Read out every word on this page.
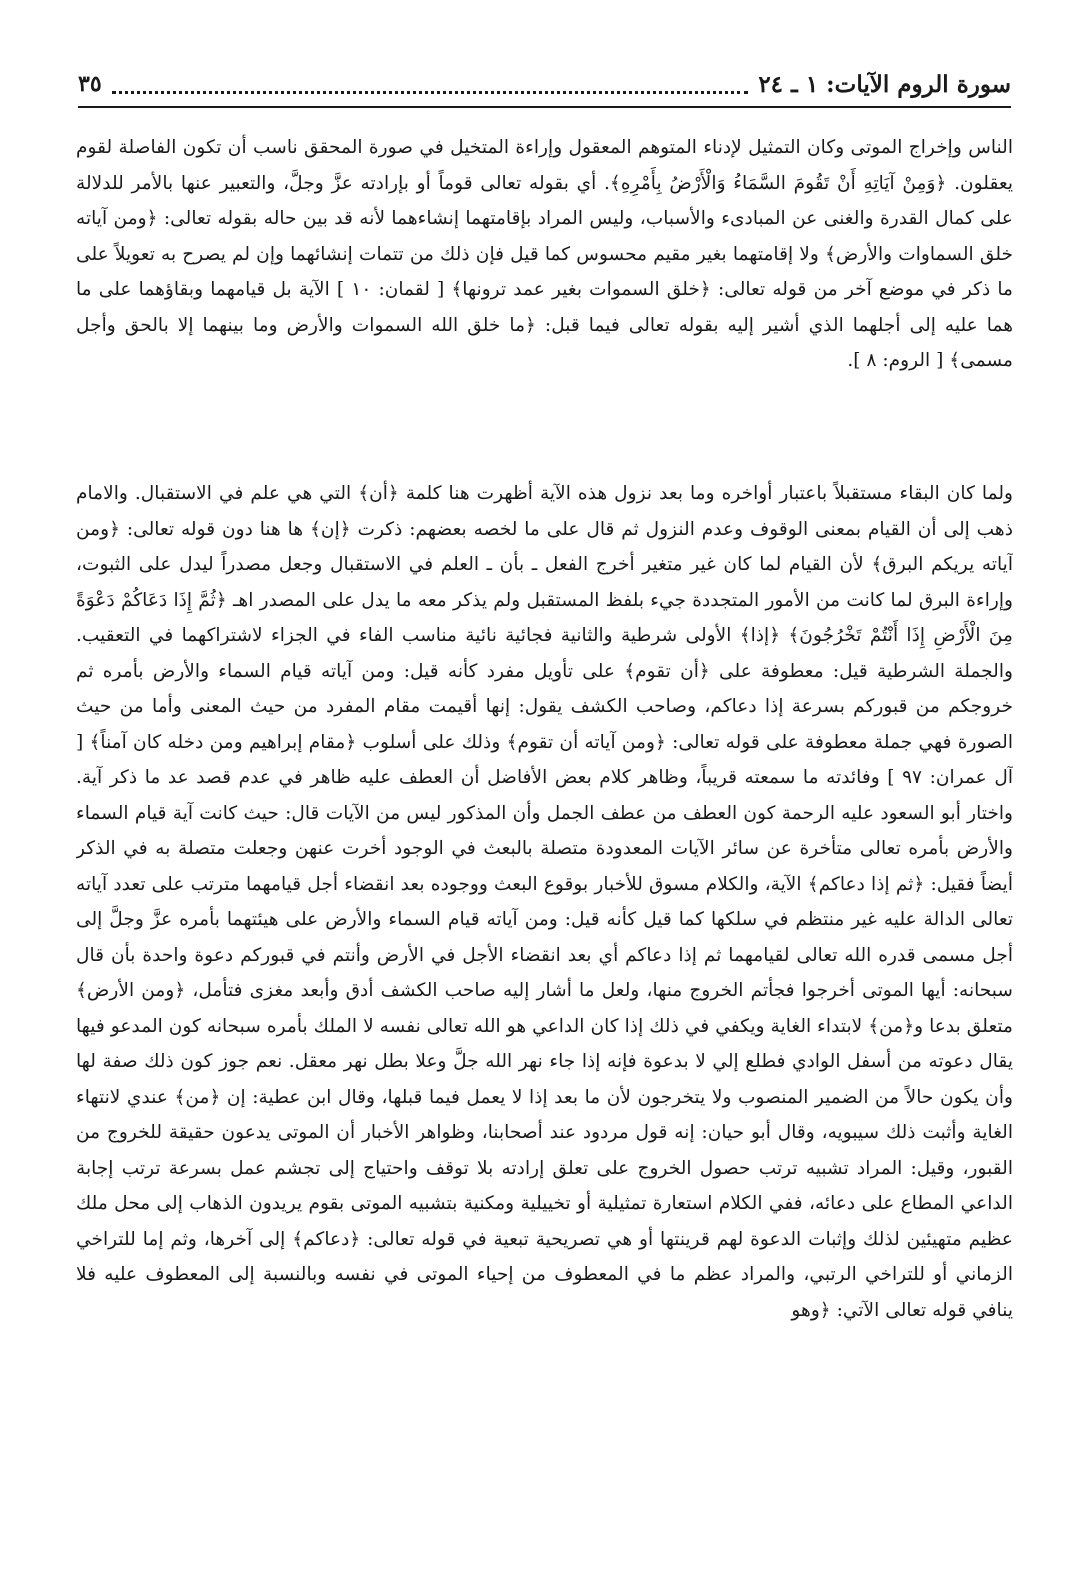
سورة الروم الآيات: ١ ـ ٢٤
٣٥

الناس وإخراج الموتى وكان التمثيل لإدناء المتوهم المعقول وإراءة المتخيل في صورة المحقق ناسب أن تكون الفاصلة لقوم يعقلون. ﴿وَمِنْ آيَاتِهِ أَنْ تَقُومَ السَّمَاءُ وَالْأَرْضُ بِأَمْرِهِ﴾. أي بقوله تعالى قوماً أو بإرادته عزَّ وجلَّ، والتعبير عنها بالأمر للدلالة على كمال القدرة والغنى عن المبادىء والأسباب، وليس المراد بإقامتهما إنشاءهما لأنه قد بين حاله بقوله تعالى: ﴿ومن آياته خلق السماوات والأرض﴾ ولا إقامتهما بغير مقيم محسوس كما قيل فإن ذلك من تتمات إنشائهما وإن لم يصرح به تعويلاً على ما ذكر في موضع آخر من قوله تعالى: ﴿خلق السموات بغير عمد ترونها﴾ [ لقمان: ١٠ ] الآية بل قيامهما وبقاؤهما على ما هما عليه إلى أجلهما الذي أشير إليه بقوله تعالى فيما قبل: ﴿ما خلق الله السموات والأرض وما بينهما إلا بالحق وأجل مسمى﴾ [ الروم: ٨ ].

ولما كان البقاء مستقبلاً باعتبار أواخره وما بعد نزول هذه الآية أظهرت هنا كلمة ﴿أن﴾ التي هي علم في الاستقبال. والامام ذهب إلى أن القيام بمعنى الوقوف وعدم النزول ثم قال على ما لخصه بعضهم: ذكرت ﴿إن﴾ ها هنا دون قوله تعالى: ﴿ومن آياته يريكم البرق﴾ لأن القيام لما كان غير متغير أخرج الفعل ـ بأن ـ العلم في الاستقبال وجعل مصدراً ليدل على الثبوت، وإراءة البرق لما كانت من الأمور المتجددة جيء بلفظ المستقبل ولم يذكر معه ما يدل على المصدر اهـ ﴿ثُمَّ إِذَا دَعَاكُمْ دَعْوَةً مِنَ الْأَرْضِ إِذَا أَنْتُمْ تَخْرُجُونَ﴾ ﴿إذا﴾ الأولى شرطية والثانية فجائية نائية مناسب الفاء في الجزاء لاشتراكهما في التعقيب. والجملة الشرطية قيل: معطوفة على ﴿أن تقوم﴾ على تأويل مفرد كأنه قيل: ومن آياته قيام السماء والأرض بأمره ثم خروجكم من قبوركم بسرعة إذا دعاكم، وصاحب الكشف يقول: إنها أقيمت مقام المفرد من حيث المعنى وأما من حيث الصورة فهي جملة معطوفة على قوله تعالى: ﴿ومن آياته أن تقوم﴾ وذلك على أسلوب ﴿مقام إبراهيم ومن دخله كان آمناً﴾ [ آل عمران: ٩٧ ] وفائدته ما سمعته قريباً، وظاهر كلام بعض الأفاضل أن العطف عليه ظاهر في عدم قصد عد ما ذكر آية. واختار أبو السعود عليه الرحمة كون العطف من عطف الجمل وأن المذكور ليس من الآيات قال: حيث كانت آية قيام السماء والأرض بأمره تعالى متأخرة عن سائر الآيات المعدودة متصلة بالبعث في الوجود أخرت عنهن وجعلت متصلة به في الذكر أيضاً فقيل: ﴿ثم إذا دعاكم﴾ الآية، والكلام مسوق للأخبار بوقوع البعث ووجوده بعد انقضاء أجل قيامهما مترتب على تعدد آياته تعالى الدالة عليه غير منتظم في سلكها كما قيل كأنه قيل: ومن آياته قيام السماء والأرض على هيئتهما بأمره عزَّ وجلَّ إلى أجل مسمى قدره الله تعالى لقيامهما ثم إذا دعاكم أي بعد انقضاء الأجل في الأرض وأنتم في قبوركم دعوة واحدة بأن قال سبحانه: أيها الموتى أخرجوا فجأتم الخروج منها، ولعل ما أشار إليه صاحب الكشف أدق وأبعد مغزى فتأمل، ﴿ومن الأرض﴾ متعلق بدعا و﴿من﴾ لابتداء الغاية ويكفي في ذلك إذا كان الداعي هو الله تعالى نفسه لا الملك بأمره سبحانه كون المدعو فيها يقال دعوته من أسفل الوادي فطلع إلي لا بدعوة فإنه إذا جاء نهر الله جلَّ وعلا بطل نهر معقل. نعم جوز كون ذلك صفة لها وأن يكون حالاً من الضمير المنصوب ولا يتخرجون لأن ما بعد إذا لا يعمل فيما قبلها، وقال ابن عطية: إن ﴿من﴾ عندي لانتهاء الغاية وأثبت ذلك سيبويه، وقال أبو حيان: إنه قول مردود عند أصحابنا، وظواهر الأخبار أن الموتى يدعون حقيقة للخروج من القبور، وقيل: المراد تشبيه ترتب حصول الخروج على تعلق إرادته بلا توقف واحتياج إلى تجشم عمل بسرعة ترتب إجابة الداعي المطاع على دعائه، ففي الكلام استعارة تمثيلية أو تخييلية ومكنية بتشبيه الموتى بقوم يريدون الذهاب إلى محل ملك عظيم متهيئين لذلك وإثبات الدعوة لهم قرينتها أو هي تصريحية تبعية في قوله تعالى: ﴿دعاكم﴾ إلى آخرها، وثم إما للتراخي الزماني أو للتراخي الرتبي، والمراد عظم ما في المعطوف من إحياء الموتى في نفسه وبالنسبة إلى المعطوف عليه فلا ينافي قوله تعالى الآتي: ﴿وهو
